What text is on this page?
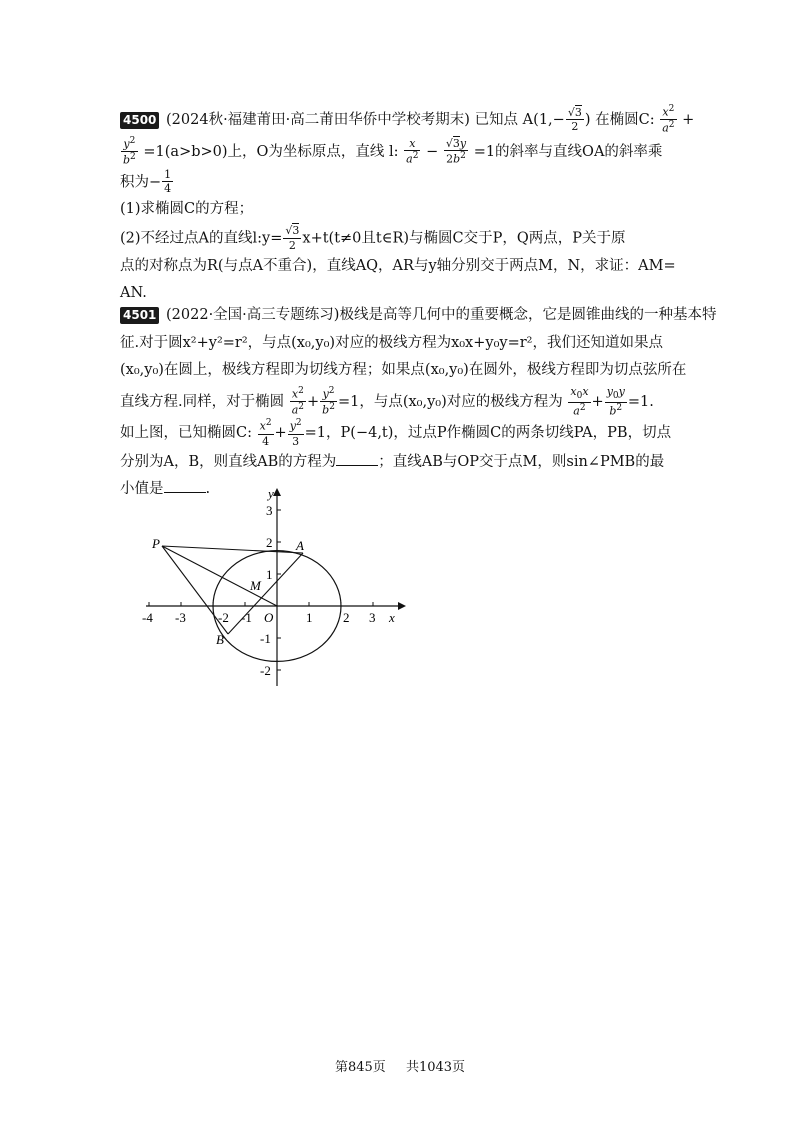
4500 (2024秋·福建莆田·高二莆田华侨中学校考期末) 已知点 $A(1,- \frac{√3}{2}$ ) 在椭圆C: $\frac{x^2}{a^2}$ +
$\frac{y^2}{b^2} =1(a>b>0)$上，O为坐标原点，直线 l: $\frac{x}{a^2} - \frac{√3y}{2b^2} =1$的斜率与直线OA的斜率乘
积为− $\frac{1}{4}$
(1)求椭圆C的方程；
(2)不经过点A的直线l:y= $\frac{√3}{2} x+t(t\ne 0$且t∈R)与椭圆C交于P，Q两点，P关于原
点的对称点为R(与点A不重合)，直线AQ，AR与y轴分别交于两点M，N，求证：AM=
AN.
4501 (2022·全国·高三专题练习)极线是高等几何中的重要概念，它是圆锥曲线的一种基本特
征.对于圆x²+y²=r²，与点(x₀,y₀)对应的极线方程为x₀x+y₀y=r²，我们还知道如果点
(x₀,y₀)在圆上，极线方程即为切线方程；如果点(x₀,y₀)在圆外，极线方程即为切点弦所在
直线方程.同样，对于椭圆 $\frac{x^2}{a^2} + \frac{y^2}{b^2} =1$，与点(x₀,y₀)对应的极线方程为 $\frac{x_0x}{a^2} + \frac{y_0y}{b^2} =1$.
如上图，已知椭圆C: $\frac{x^2}{4} + \frac{y^2}{3} =1$，P(−4,t)，过点P作椭圆C的两条切线PA，PB，切点
分别为A，B，则直线AB的方程为	；直线AB与OP交于点M，则sin∠PMB的最
小值是	.	y
x
O
-4 -3 -2 -1	1 2 3
3
2
1
-1
-2
P	A
B
M
第845页 共1043页
